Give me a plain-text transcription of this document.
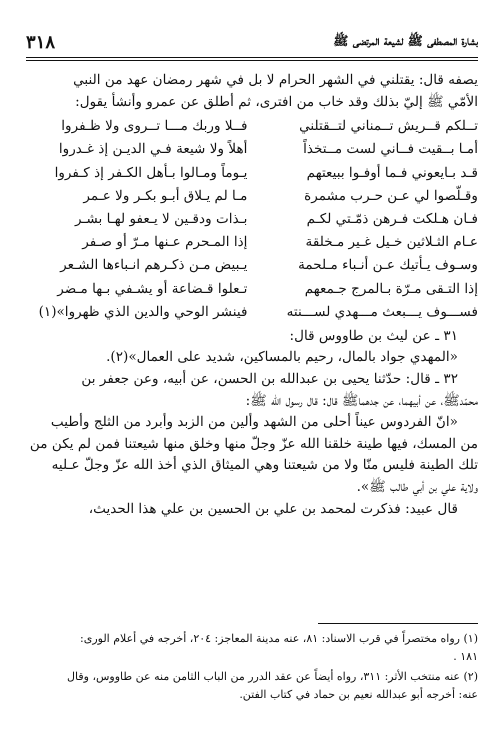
بشارة المصطفى ﷺ لشيعة المرتضى ﷺ
٣١٨

يصفه قال: يقتلني في الشهر الحرام لا بل في شهر رمضان عهد من النبي

الأمّي ﷺ إليّ بذلك وقد خاب من افترى، ثم أطلق عن عمرو وأنشأ يقول:

تــلكم قــريش تــمناني لتــقتلني
فــلا وربك مـــا تــروى ولا ظـفروا
أمـا بــقيت فــاني لست مــتخذاً
أهلاً ولا شيعة فـي الديـن إذ غـدروا
قـد بـايعوني فـما أوفـوا ببيعتهم
يـوماً ومـالوا بـأهل الكـفر إذ كـفروا
وقـلّصوا لي عـن حـرب مشمرة
مـا لم يـلاق أبـو بكـر ولا عـمر
فـان هـلكت فـرهن ذمّـتي لكـم
بـذات ودقـين لا يـعفو لهـا بشـر
عـام الثـلاثين خـيل غـير مـخلقة
إذا المـحرم عـنها مـرّ أو صـفر
وسـوف يـأتيك عـن أنـباء مـلحمة
يـبيض مـن ذكـرهم انـباءها الشـعر
إذا التـقى مـرّة بـالمرج جـمعهم
تـعلوا قـضاعة أو يشـفي بـها مـضر
فســـوف يـــبعث مـــهدي لســـنته
فينشر الوحي والدين الذي ظهروا»(١)

٣١ ـ عن ليث بن طاووس قال:

«المهدي جواد بالمال، رحيم بالمساكين، شديد على العمال»(٢).

٣٢ ـ قال: حدّثنا يحيى بن عبدالله بن الحسن، عن أبيه، وعن جعفر بن

محمّدﷺ، عن أبيهما، عن جدهماﷺ قال: قال رسول الله ﷺ:

«انّ الفردوس عيناً أحلى من الشهد وألين من الزبد وأبرد من الثلج وأطيب

من المسك، فيها طينة خلقنا الله عزّ وجلّ منها وخلق منها شيعتنا فمن لم يكن من

تلك الطينة فليس منّا ولا من شيعتنا وهي الميثاق الذي أخذ الله عزّ وجلّ عـليه

ولاية علي بن أبي طالب ﷺ».

قال عبيد: فذكرت لمحمد بن علي بن الحسين بن علي هذا الحديث،

(١) رواه مختصراً في قرب الاسناد: ٨١، عنه مدينة المعاجز: ٢٠٤، أخرجه في أعلام الورى:
١٨١ .

(٢) عنه منتخب الأثر: ٣١١، رواه أيضاً عن عقد الدرر من الباب الثامن منه عن طاووس، وقال
عنه: أخرجه أبو عبدالله نعيم بن حماد في كتاب الفتن.
